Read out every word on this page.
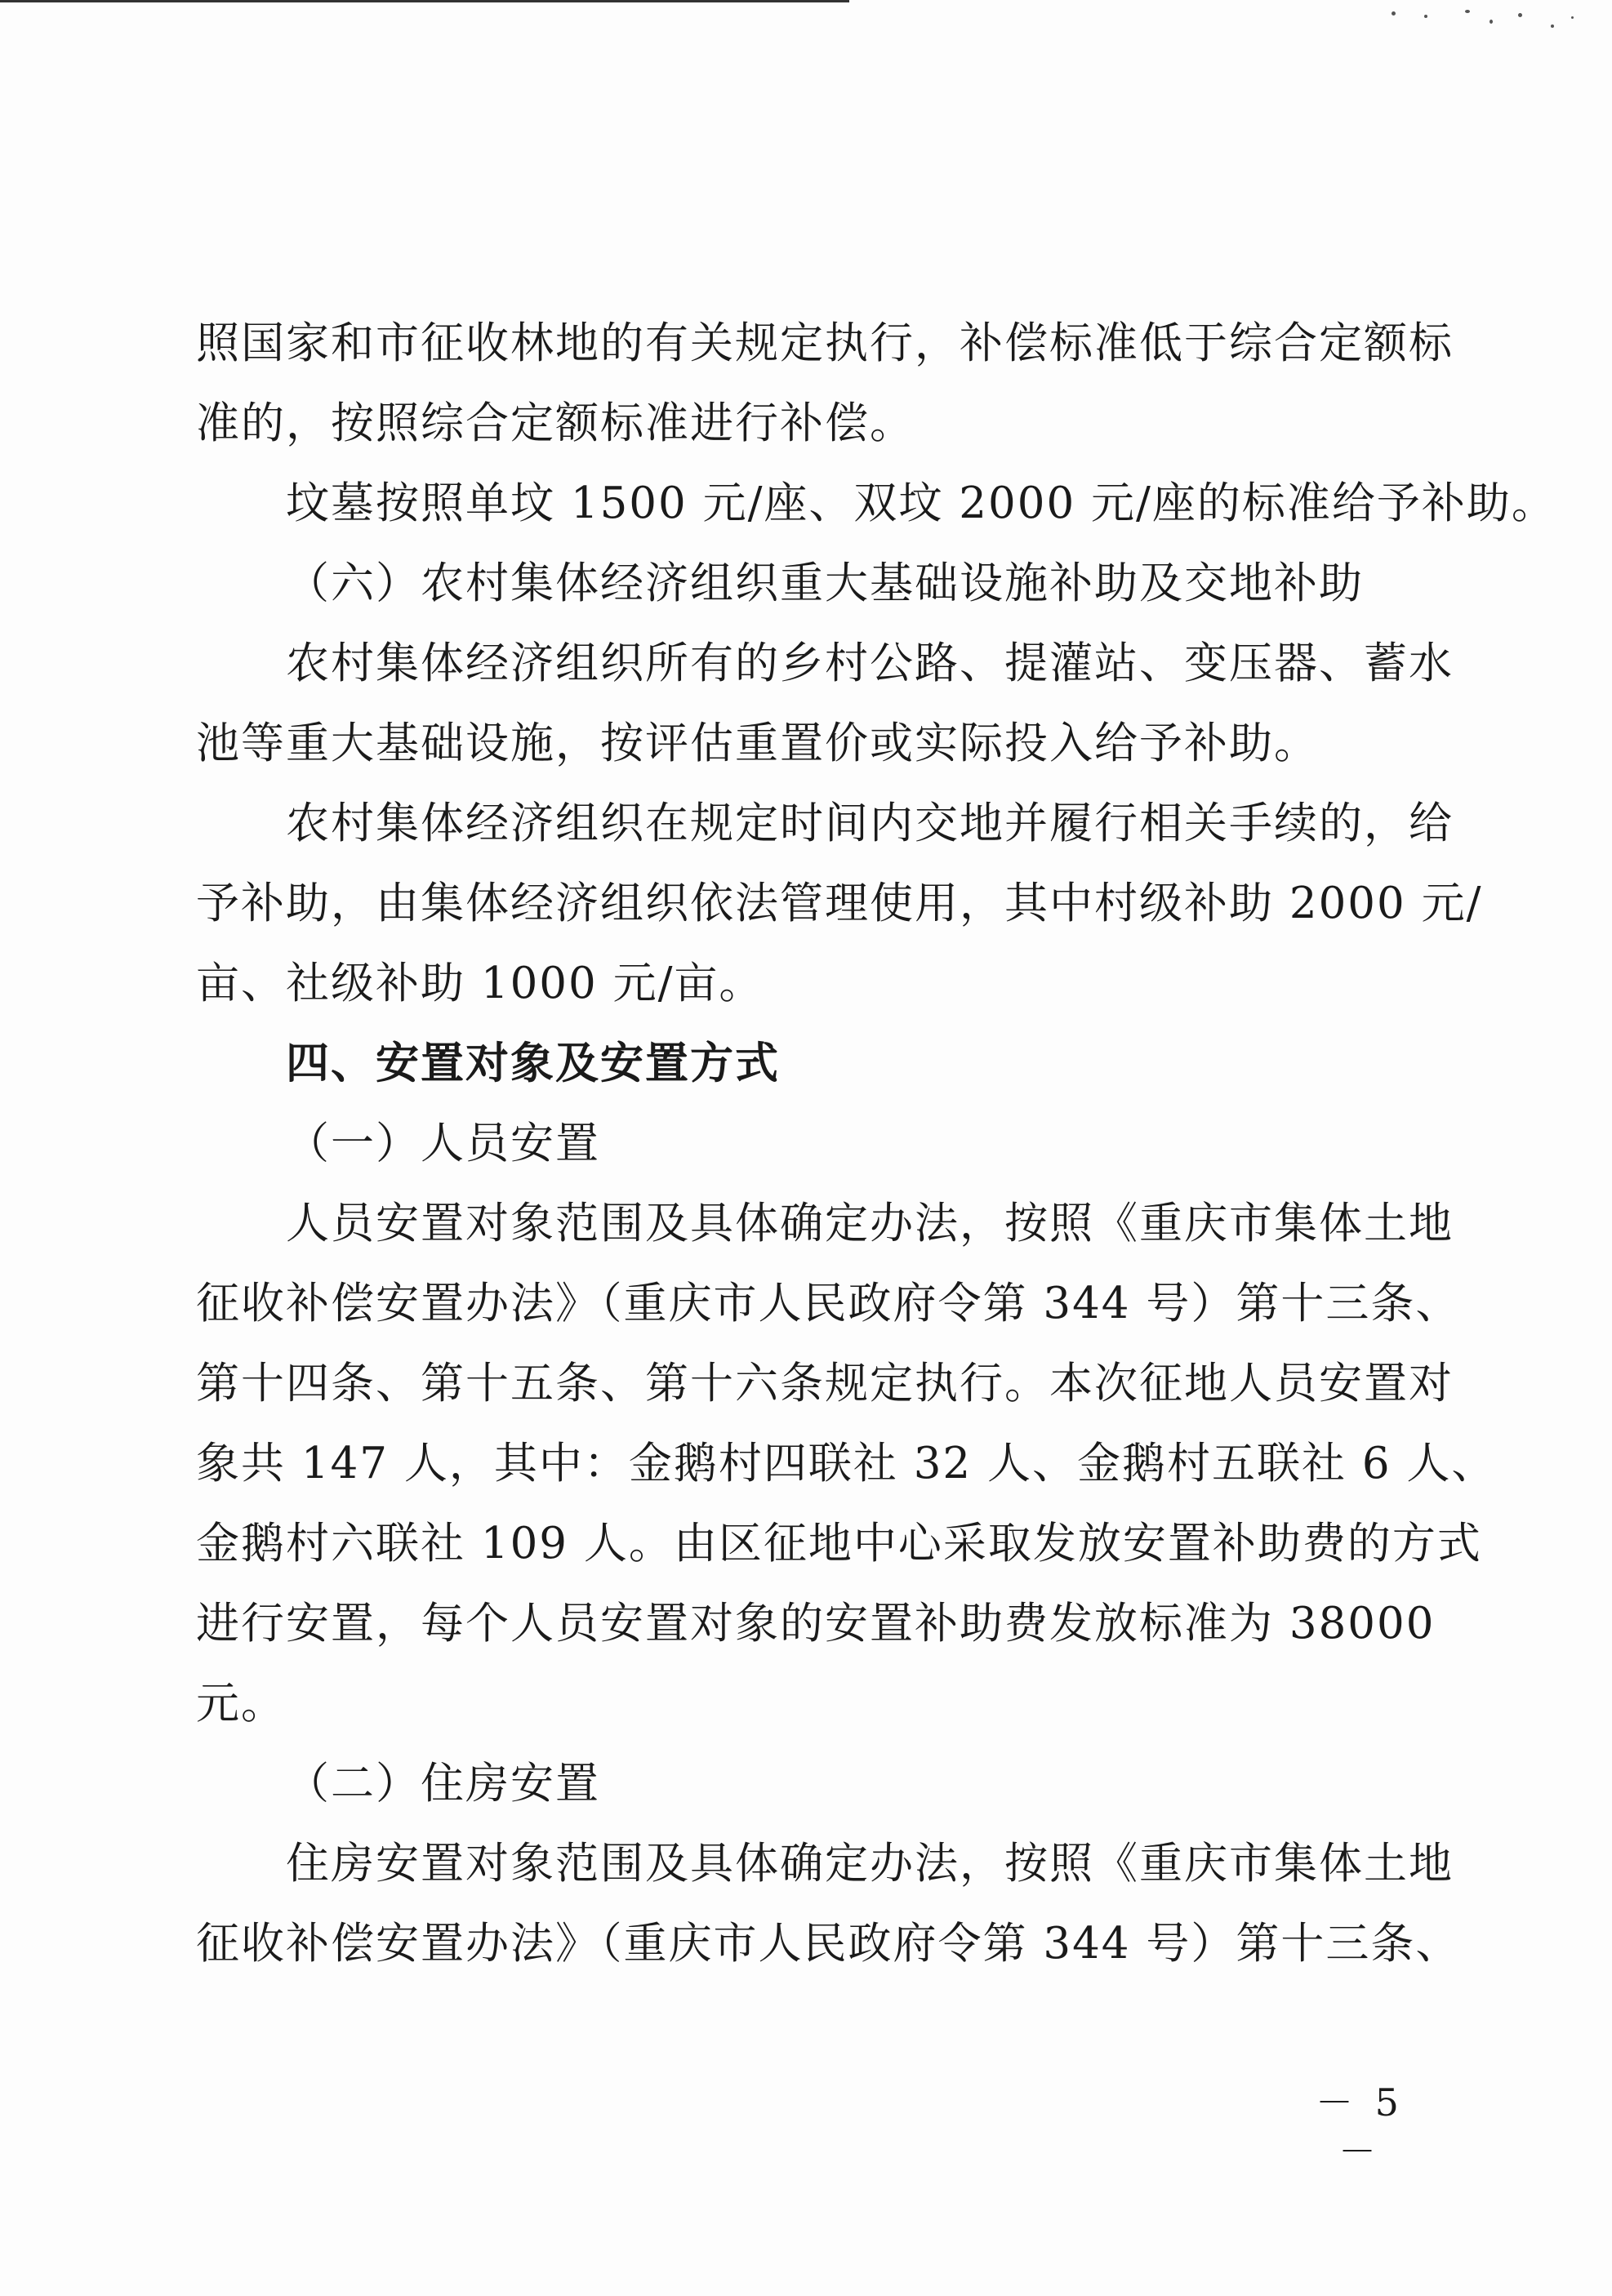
照国家和市征收林地的有关规定执行，补偿标准低于综合定额标
准的，按照综合定额标准进行补偿。
坟墓按照单坟 1500 元/座、双坟 2000 元/座的标准给予补助。
（六）农村集体经济组织重大基础设施补助及交地补助
农村集体经济组织所有的乡村公路、提灌站、变压器、蓄水
池等重大基础设施，按评估重置价或实际投入给予补助。
农村集体经济组织在规定时间内交地并履行相关手续的，给
予补助，由集体经济组织依法管理使用，其中村级补助 2000 元/
亩、社级补助 1000 元/亩。
四、安置对象及安置方式
（一）人员安置
人员安置对象范围及具体确定办法，按照《重庆市集体土地
征收补偿安置办法》（重庆市人民政府令第 344 号）第十三条、
第十四条、第十五条、第十六条规定执行。本次征地人员安置对
象共 147 人，其中：金鹅村四联社 32 人、金鹅村五联社 6 人、
金鹅村六联社 109 人。由区征地中心采取发放安置补助费的方式
进行安置，每个人员安置对象的安置补助费发放标准为 38000
元。
（二）住房安置
住房安置对象范围及具体确定办法，按照《重庆市集体土地
征收补偿安置办法》（重庆市人民政府令第 344 号）第十三条、
－ 5 －
